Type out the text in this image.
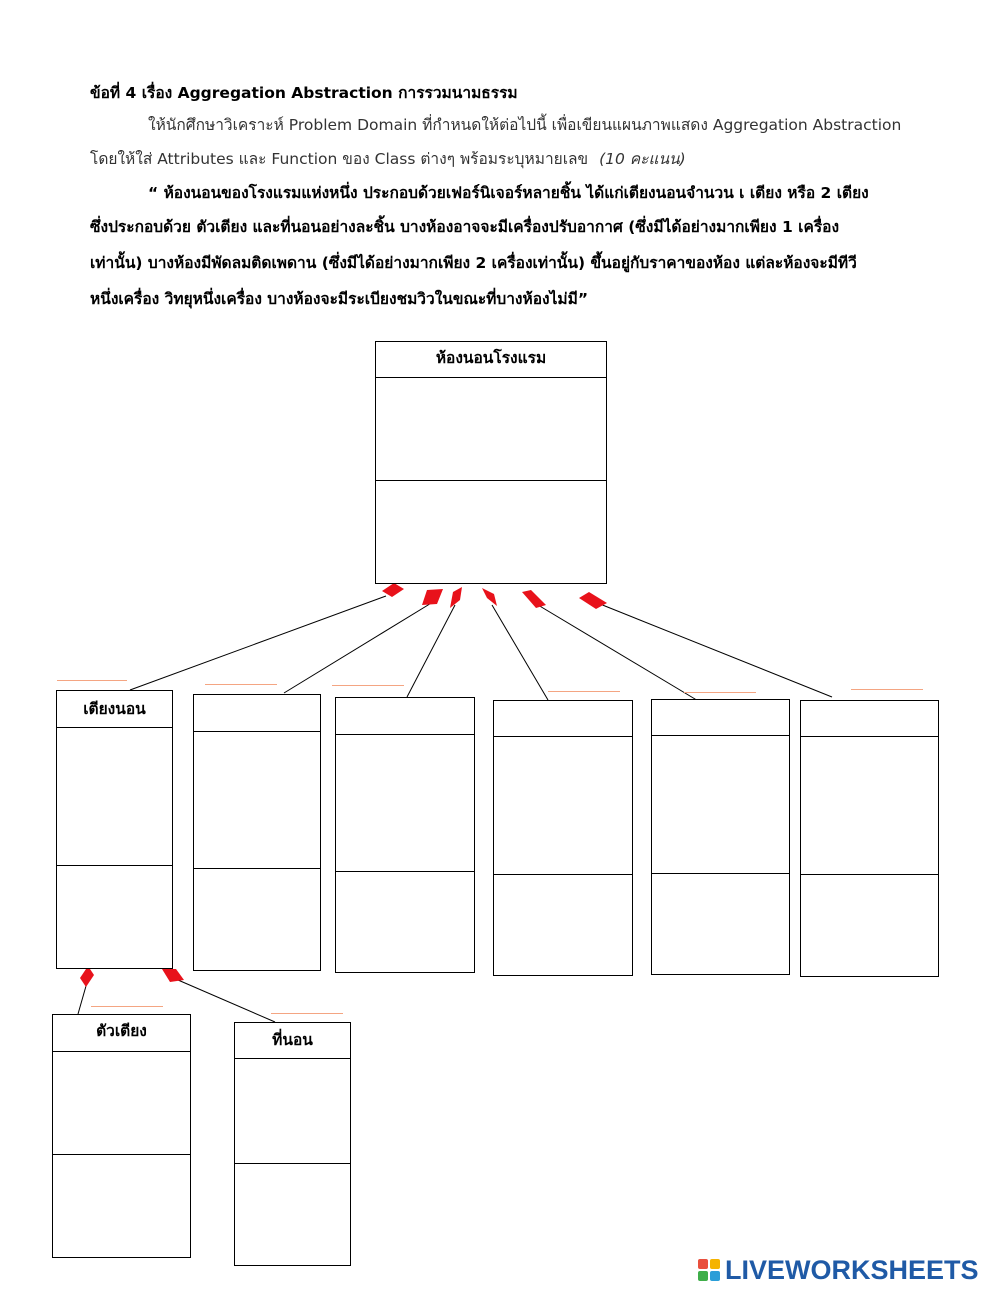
ข้อที่ 4 เรื่อง Aggregation Abstraction การรวมนามธรรม
ให้นักศึกษาวิเคราะห์ Problem Domain ที่กำหนดให้ต่อไปนี้ เพื่อเขียนแผนภาพแสดง Aggregation Abstraction
โดยให้ใส่ Attributes และ Function ของ Class ต่างๆ พร้อมระบุหมายเลข (10 คะแนน)
“ ห้องนอนของโรงแรมแห่งหนึ่ง ประกอบด้วยเฟอร์นิเจอร์หลายชิ้น ได้แก่เตียงนอนจำนวน เ เตียง หรือ 2 เตียง
ซึ่งประกอบด้วย ตัวเตียง และที่นอนอย่างละชิ้น บางห้องอาจจะมีเครื่องปรับอากาศ (ซึ่งมีได้อย่างมากเพียง 1 เครื่อง
เท่านั้น) บางห้องมีพัดลมติดเพดาน (ซึ่งมีได้อย่างมากเพียง 2 เครื่องเท่านั้น) ขึ้นอยู่กับราคาของห้อง แต่ละห้องจะมีทีวี
หนึ่งเครื่อง วิทยุหนึ่งเครื่อง บางห้องจะมีระเบียงชมวิวในขณะที่บางห้องไม่มี”
ห้องนอนโรงแรม
เตียงนอน
ตัวเตียง	ที่นอน
LIVEWORKSHEETS
